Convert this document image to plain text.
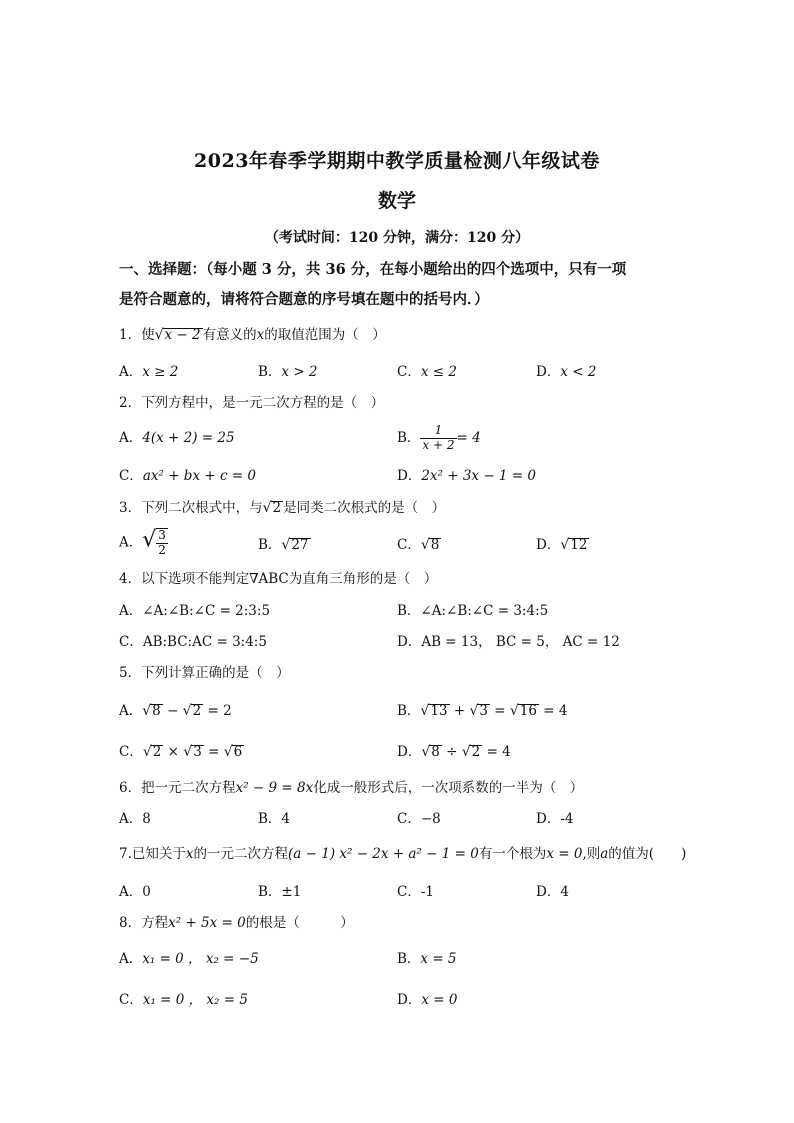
2023年春季学期期中教学质量检测八年级试卷
数学
（考试时间：120 分钟，满分：120 分）
一、选择题：（每小题 3 分，共 36 分，在每小题给出的四个选项中，只有一项
是符合题意的，请将符合题意的序号填在题中的括号内．）
1．使√x − 2 有意义的x的取值范围为（　）
A．x ≥ 2	B．x > 2	C．x ≤ 2	D．x < 2
2．下列方程中，是一元二次方程的是（　）
A．4(x + 2) = 25	B． $\frac{1}{x + 2} = 4$
C．ax² + bx + c = 0	D．2x² + 3x − 1 = 0
3．下列二次根式中，与√2 是同类二次根式的是（　）
A．√ $\frac{3}{2}$	B．√27	C．√8	D．√12
4．以下选项不能判定∇ABC为直角三角形的是（　）
A．∠A:∠B:∠C = 2:3:5	B．∠A:∠B:∠C = 3:4:5
C．AB:BC:AC = 3:4:5	D．AB = 13， BC = 5， AC = 12
5．下列计算正确的是（　）
A．√8 − √2 = 2	B．√13 + √3 = √16 = 4
C．√2 × √3 = √6	D．√8 ÷ √2 = 4
6．把一元二次方程x² − 9 = 8x化成一般形式后，一次项系数的一半为（　）
A．8	B．4	C．−8	D．-4
7.已知关于x的一元二次方程(a − 1) x² − 2x + a² − 1 = 0有一个根为x = 0,则a的值为(　　)
A．0	B．±1	C．-1	D．4
8．方程x² + 5x = 0的根是（　　　）
A．x₁ = 0 ， x₂ = −5	B．x = 5
C．x₁ = 0 ， x₂ = 5	D．x = 0
